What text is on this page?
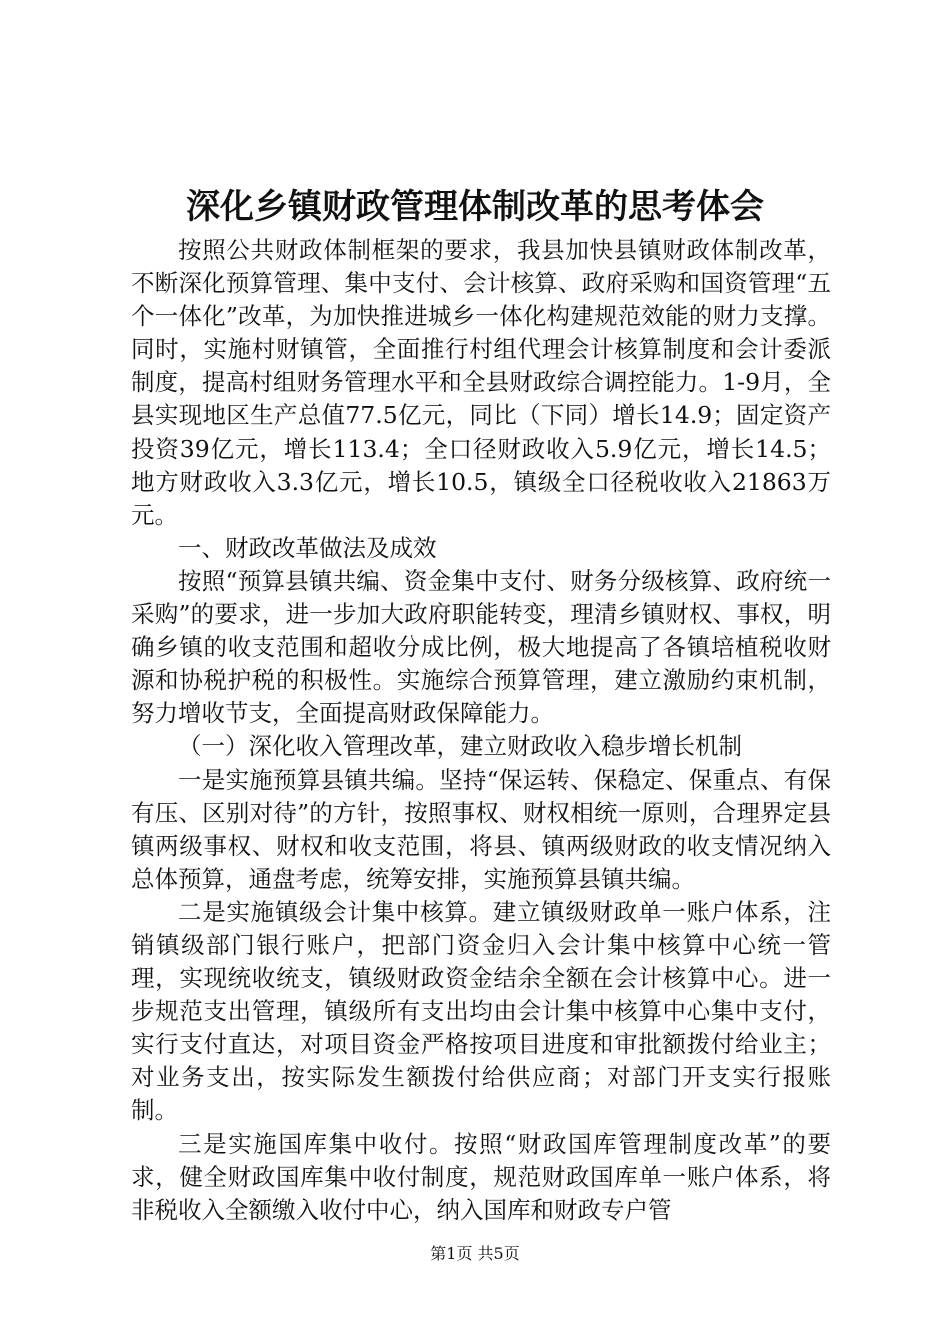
深化乡镇财政管理体制改革的思考体会

按照公共财政体制框架的要求，我县加快县镇财政体制改革，不断深化预算管理、集中支付、会计核算、政府采购和国资管理“五个一体化”改革，为加快推进城乡一体化构建规范效能的财力支撑。同时，实施村财镇管，全面推行村组代理会计核算制度和会计委派制度，提高村组财务管理水平和全县财政综合调控能力。1-9月，全县实现地区生产总值77.5亿元，同比（下同）增长14.9；固定资产投资39亿元，增长113.4；全口径财政收入5.9亿元，增长14.5；地方财政收入3.3亿元，增长10.5，镇级全口径税收收入21863万元。

一、财政改革做法及成效

按照“预算县镇共编、资金集中支付、财务分级核算、政府统一采购”的要求，进一步加大政府职能转变，理清乡镇财权、事权，明确乡镇的收支范围和超收分成比例，极大地提高了各镇培植税收财源和协税护税的积极性。实施综合预算管理，建立激励约束机制，努力增收节支，全面提高财政保障能力。

（一）深化收入管理改革，建立财政收入稳步增长机制

一是实施预算县镇共编。坚持“保运转、保稳定、保重点、有保有压、区别对待”的方针，按照事权、财权相统一原则，合理界定县镇两级事权、财权和收支范围，将县、镇两级财政的收支情况纳入总体预算，通盘考虑，统筹安排，实施预算县镇共编。

二是实施镇级会计集中核算。建立镇级财政单一账户体系，注销镇级部门银行账户，把部门资金归入会计集中核算中心统一管理，实现统收统支，镇级财政资金结余全额在会计核算中心。进一步规范支出管理，镇级所有支出均由会计集中核算中心集中支付，实行支付直达，对项目资金严格按项目进度和审批额拨付给业主；对业务支出，按实际发生额拨付给供应商；对部门开支实行报账制。

三是实施国库集中收付。按照“财政国库管理制度改革”的要求，健全财政国库集中收付制度，规范财政国库单一账户体系，将非税收入全额缴入收付中心，纳入国库和财政专户管

第1页 共5页
